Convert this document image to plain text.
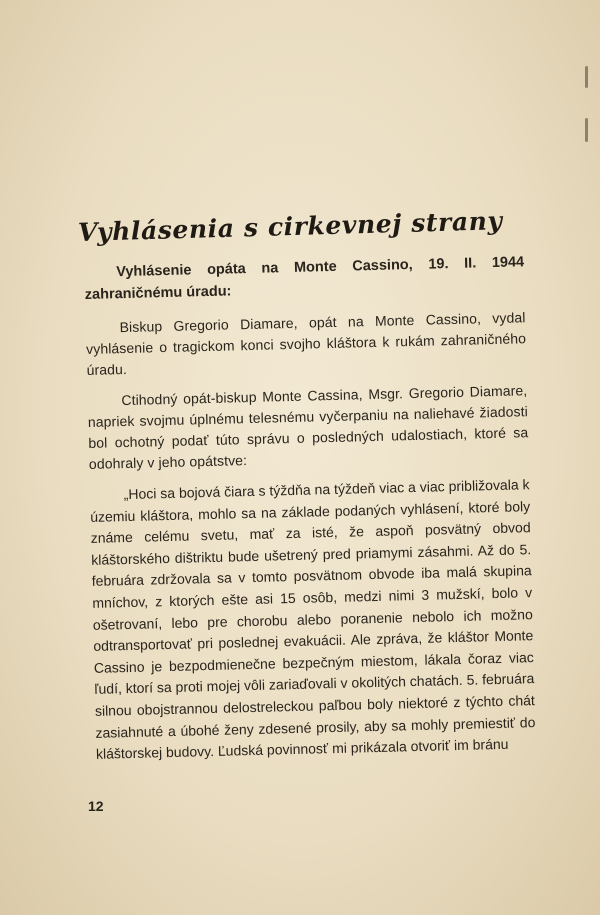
Vyhlásenia s cirkevnej strany

Vyhlásenie opáta na Monte Cassino, 19. II. 1944 zahraničnému úradu:

Biskup Gregorio Diamare, opát na Monte Cassino, vydal vyhlásenie o tragickom konci svojho kláštora k rukám zahraničného úradu.

Ctihodný opát-biskup Monte Cassina, Msgr. Gregorio Diamare, napriek svojmu úplnému telesnému vyčerpaniu na naliehavé žiadosti bol ochotný podať túto správu o posledných udalostiach, ktoré sa odohraly v jeho opátstve:

„Hoci sa bojová čiara s týždňa na týždeň viac a viac približovala k územiu kláštora, mohlo sa na základe podaných vyhlásení, ktoré boly známe celému svetu, mať za isté, že aspoň posvätný obvod kláštorského dištriktu bude ušetrený pred priamymi zásahmi. Až do 5. februára zdržovala sa v tomto posvätnom obvode iba malá skupina mníchov, z ktorých ešte asi 15 osôb, medzi nimi 3 mužskí, bolo v ošetrovaní, lebo pre chorobu alebo poranenie nebolo ich možno odtransportovať pri poslednej evakuácii. Ale zpráva, že kláštor Monte Cassino je bezpodmienečne bezpečným miestom, lákala čoraz viac ľudí, ktorí sa proti mojej vôli zariaďovali v okolitých chatách. 5. februára silnou obojstrannou delostreleckou paľbou boly niektoré z týchto chát zasiahnuté a úbohé ženy zdesené prosily, aby sa mohly premiestiť do kláštorskej budovy. Ľudská povinnosť mi prikázala otvoriť im bránu

12
